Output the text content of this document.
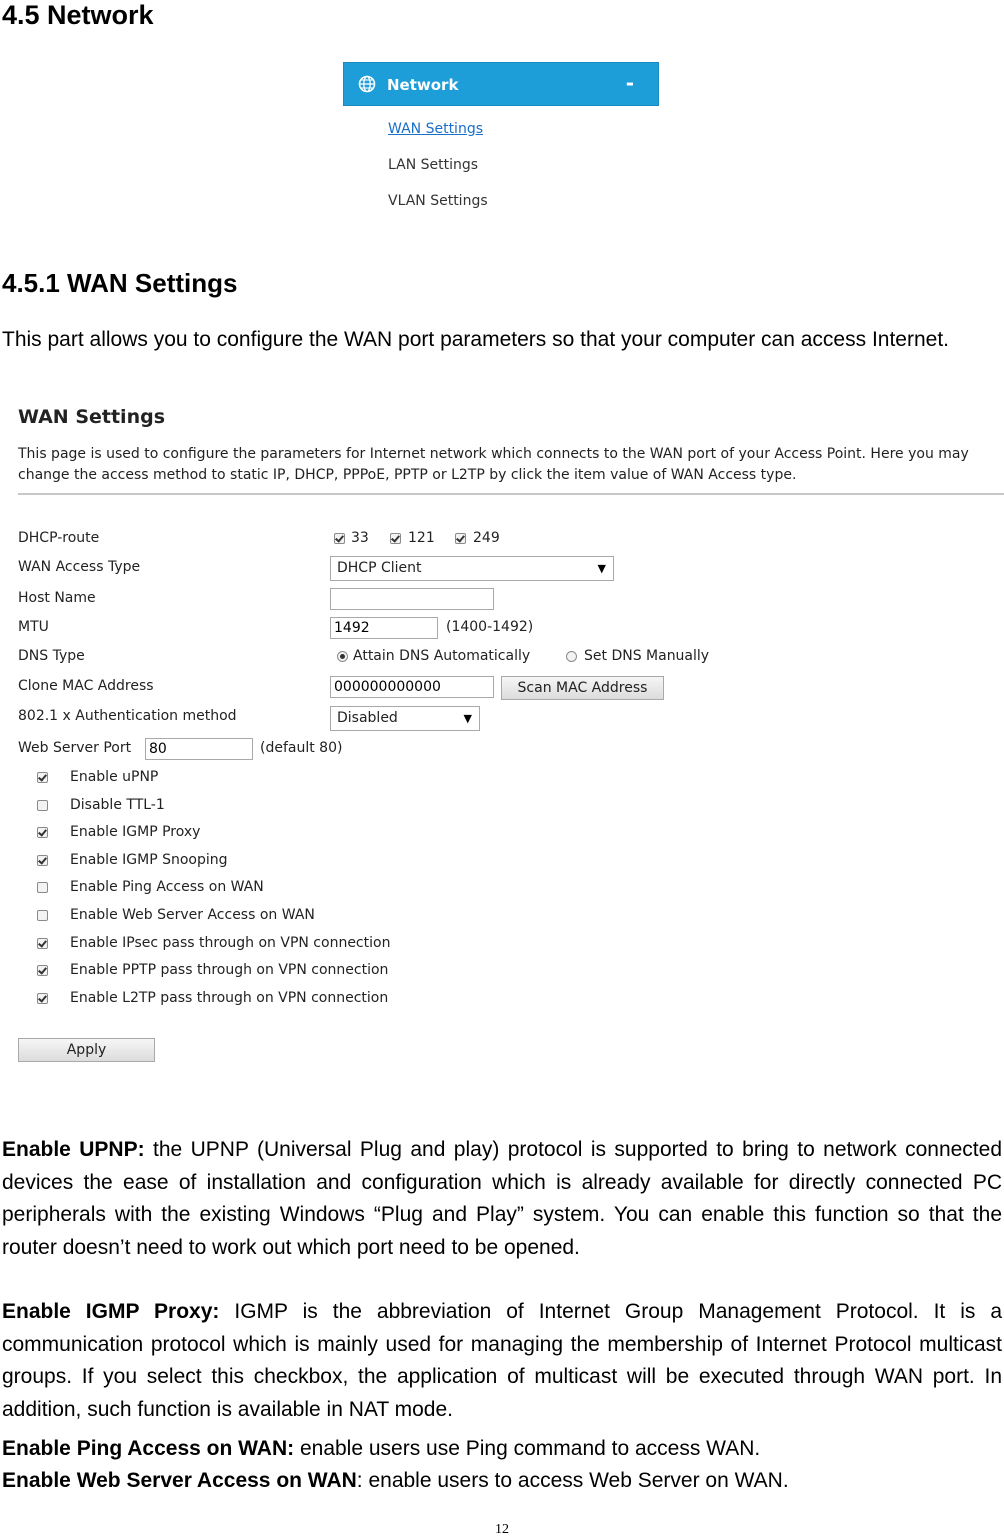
4.5 Network
Network	-
WAN Settings
LAN Settings
VLAN Settings
4.5.1 WAN Settings

This part allows you to configure the WAN port parameters so that your computer can access Internet.

WAN Settings
This page is used to configure the parameters for Internet network which connects to the WAN port of your Access Point. Here you may change the access method to static IP, DHCP, PPPoE, PPTP or L2TP by click the item value of WAN Access type.
DHCP-route	33	121	249
WAN Access Type	DHCP Client	▼
Host Name
MTU	1492	(1400-1492)
DNS Type	Attain DNS Automatically	Set DNS Manually
Clone MAC Address	000000000000	Scan MAC Address
802.1 x Authentication method	Disabled	▼
Web Server Port 80	(default 80)
Enable uPNP
Disable TTL-1
Enable IGMP Proxy
Enable IGMP Snooping
Enable Ping Access on WAN
Enable Web Server Access on WAN
Enable IPsec pass through on VPN connection
Enable PPTP pass through on VPN connection
Enable L2TP pass through on VPN connection
Apply

Enable UPNP: the UPNP (Universal Plug and play) protocol is supported to bring to network connected devices the ease of installation and configuration which is already available for directly connected PC peripherals with the existing Windows “Plug and Play” system. You can enable this function so that the router doesn’t need to work out which port need to be opened.

Enable IGMP Proxy: IGMP is the abbreviation of Internet Group Management Protocol. It is a communication protocol which is mainly used for managing the membership of Internet Protocol multicast groups. If you select this checkbox, the application of multicast will be executed through WAN port. In addition, such function is available in NAT mode.

Enable Ping Access on WAN: enable users use Ping command to access WAN.

Enable Web Server Access on WAN: enable users to access Web Server on WAN.

12
